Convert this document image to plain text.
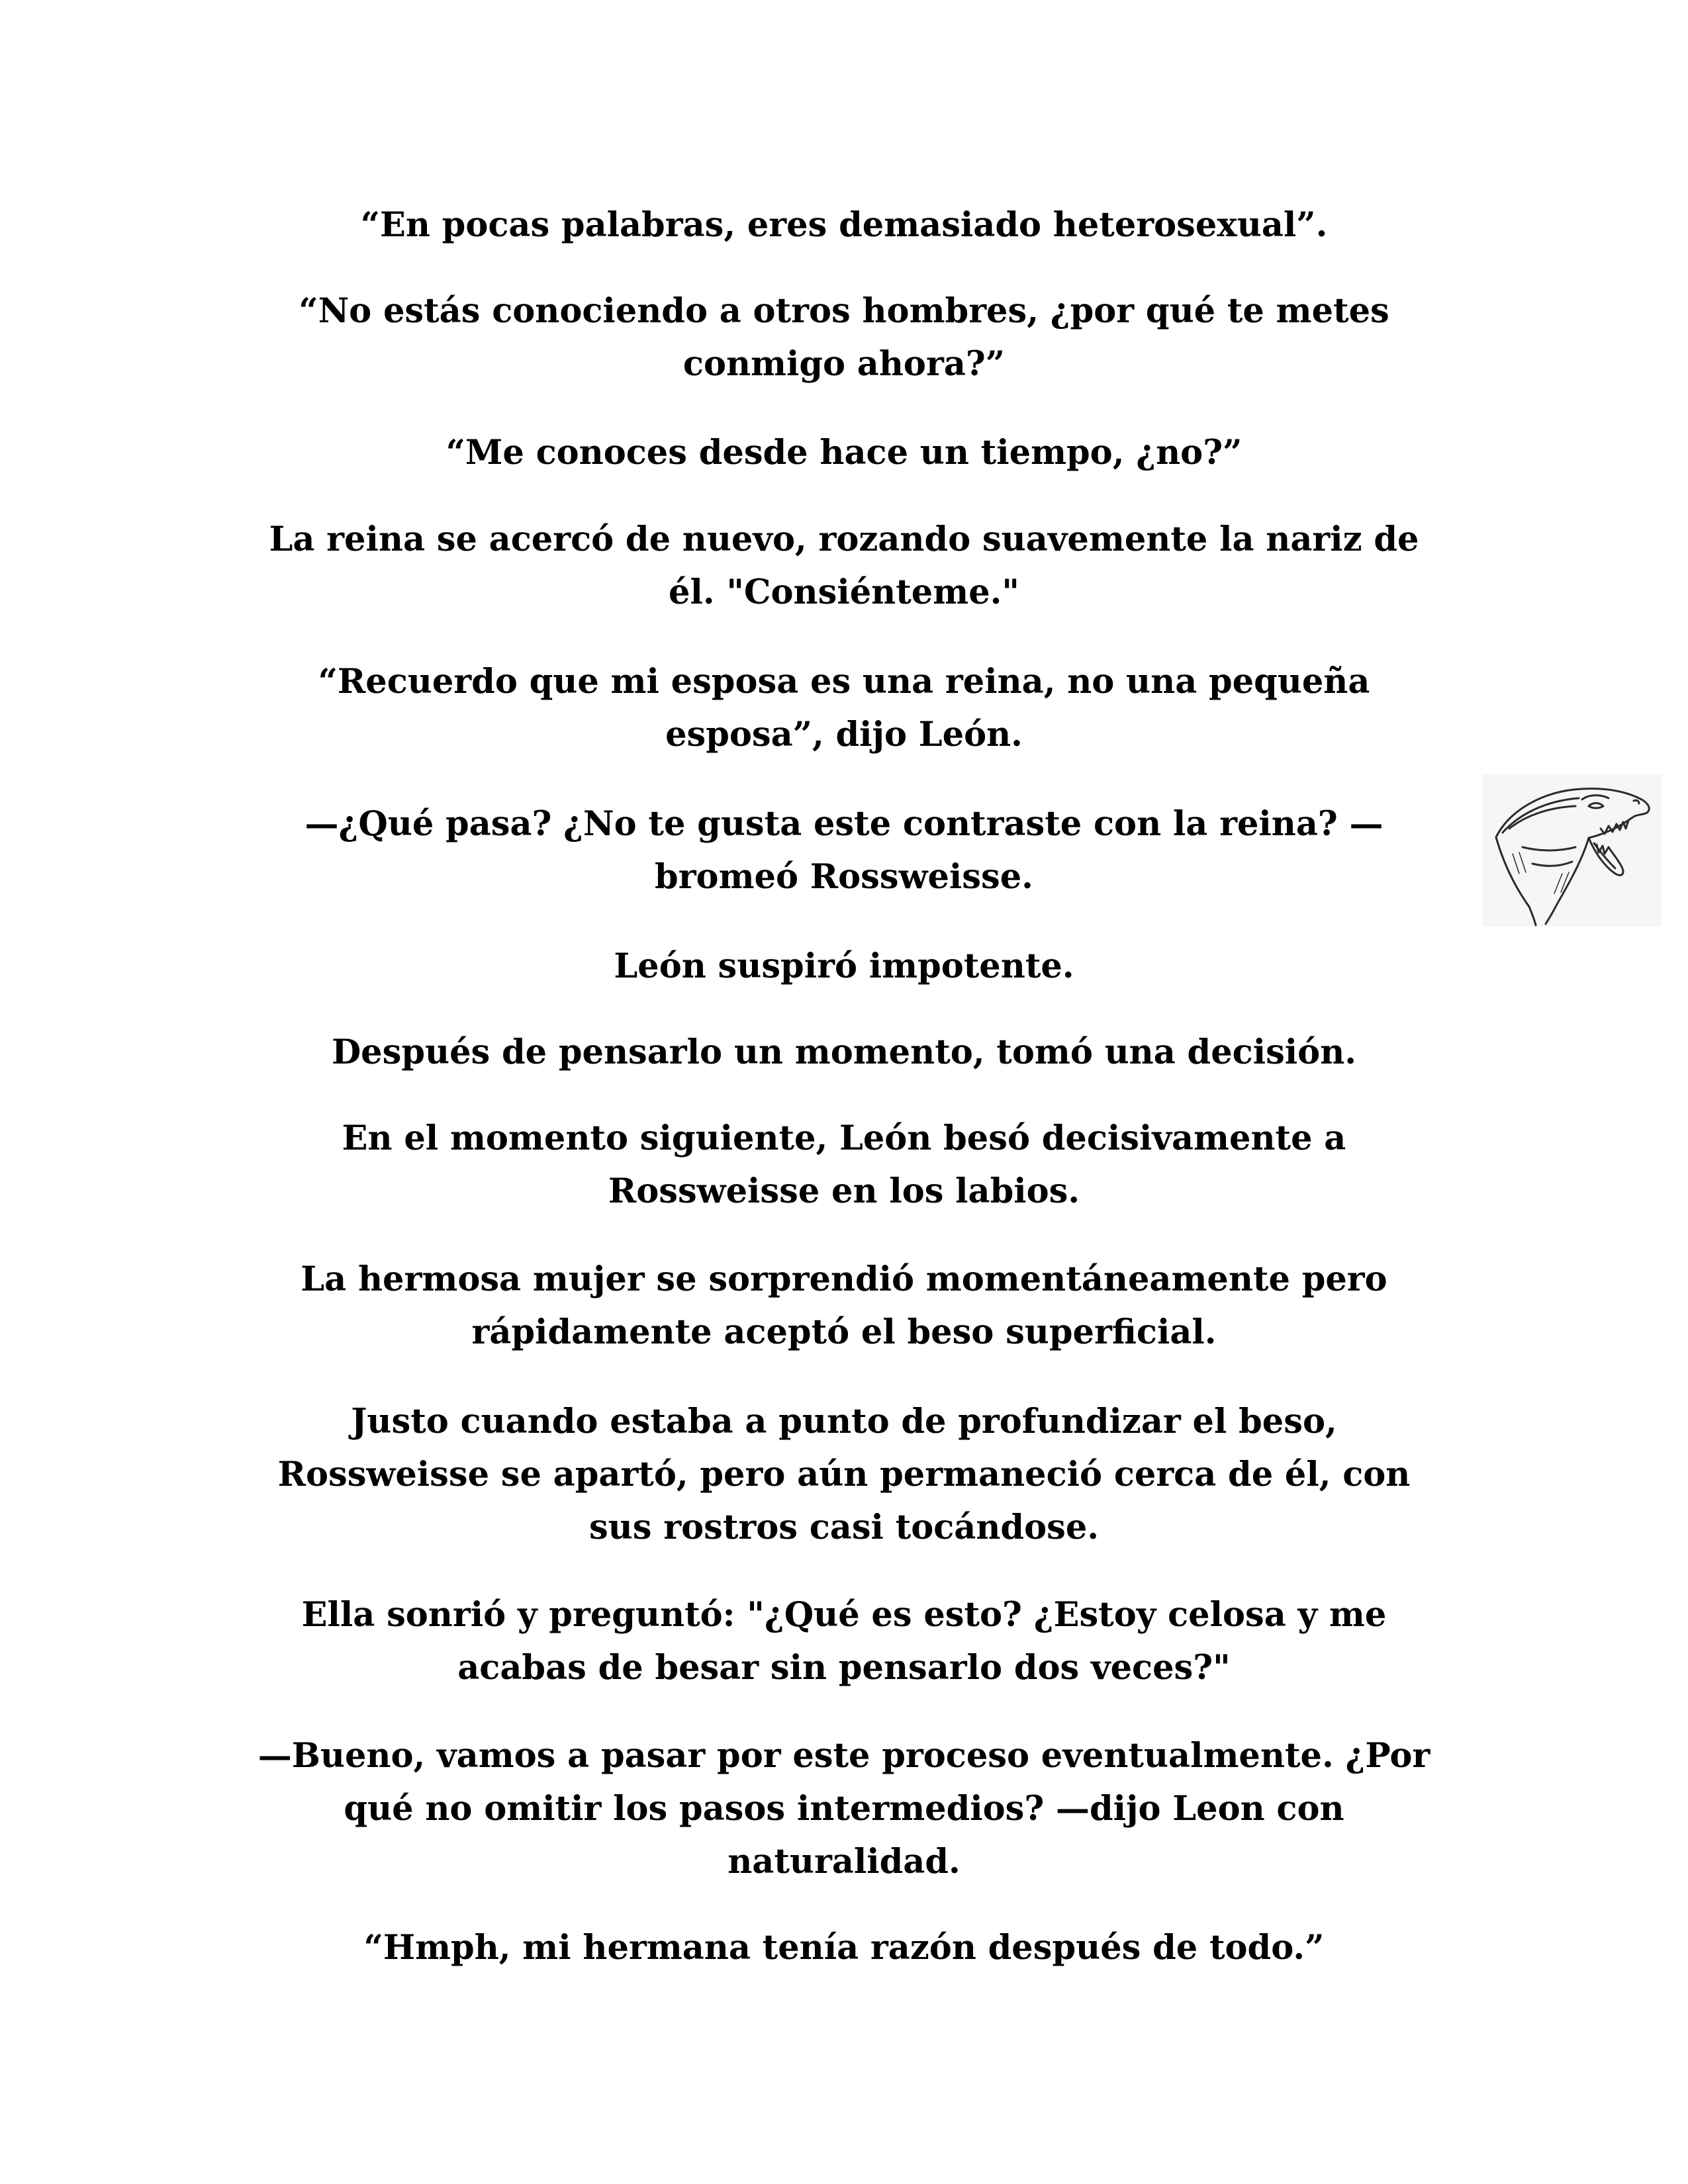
“En pocas palabras, eres demasiado heterosexual”.

“No estás conociendo a otros hombres, ¿por qué te metes
conmigo ahora?”

“Me conoces desde hace un tiempo, ¿no?”

La reina se acercó de nuevo, rozando suavemente la nariz de
él. "Consiénteme."

“Recuerdo que mi esposa es una reina, no una pequeña
esposa”, dijo León.

—¿Qué pasa? ¿No te gusta este contraste con la reina? —
bromeó Rossweisse.

León suspiró impotente.

Después de pensarlo un momento, tomó una decisión.

En el momento siguiente, León besó decisivamente a
Rossweisse en los labios.

La hermosa mujer se sorprendió momentáneamente pero
rápidamente aceptó el beso superficial.

Justo cuando estaba a punto de profundizar el beso,
Rossweisse se apartó, pero aún permaneció cerca de él, con
sus rostros casi tocándose.

Ella sonrió y preguntó: "¿Qué es esto? ¿Estoy celosa y me
acabas de besar sin pensarlo dos veces?"

—Bueno, vamos a pasar por este proceso eventualmente. ¿Por
qué no omitir los pasos intermedios? —dijo Leon con
naturalidad.

“Hmph, mi hermana tenía razón después de todo.”
